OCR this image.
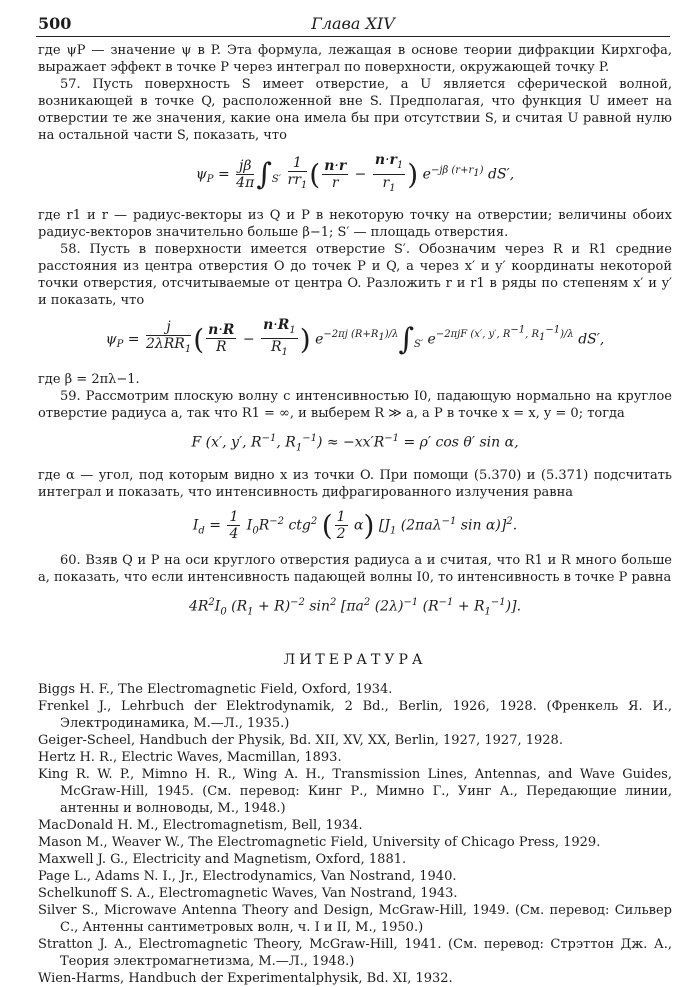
500	Глава XIV

где ψP — значение ψ в P. Эта формула, лежащая в основе теории дифракции Кирхгофа, выражает эффект в точке P через интеграл по поверхности, окружающей точку P.

57. Пусть поверхность S имеет отверстие, а U является сферической волной, возникающей в точке Q, расположенной вне S. Предполагая, что функция U имеет на отверстии те же значения, какие она имела бы при отсутствии S, и считая U равной нулю на остальной части S, показать, что

$\psi_P = \frac{j\beta}{4\pi} \int_{S'} \frac{1}{rr_1}$ ( $\frac{n\cdot r}{r} - \frac{n\cdot r_1}{r_1}$ ) $e^{-j\beta (r+r_1)}$ dS′,

где r1 и r — радиус-векторы из Q и P в некоторую точку на отверстии; величины обоих радиус-векторов значительно больше β−1; S′ — площадь отверстия.

58. Пусть в поверхности имеется отверстие S′. Обозначим через R и R1 средние расстояния из центра отверстия O до точек P и Q, а через x′ и y′ координаты некоторой точки отверстия, отсчитываемые от центра O. Разложить r и r1 в ряды по степеням x′ и y′ и показать, что

$\psi_P = \frac{j}{2\lambda RR_1}$ ( $\frac{n\cdot R}{R} - \frac{n\cdot R_1}{R_1}$ ) $e^{-2\pi j (R+R_1)/\lambda}\int_{S'}$ $e^{-2\pi jF (x', y', R^{-1}, R_1^{-1})/\lambda}$ dS′,

где β = 2πλ−1.

59. Рассмотрим плоскую волну с интенсивностью I0, падающую нормально на круглое отверстие радиуса a, так что R1 = ∞, и выберем R ≫ a, а P в точке x = x, y = 0; тогда

F (x′, y′, $R^{-1}$, $R_1^{-1}) \approx -xx'R^{-1} = \rho'$ cos θ′ sin α,

где α — угол, под которым видно x из точки O. При помощи (5.370) и (5.371) подсчитать интеграл и показать, что интенсивность дифрагированного излучения равна

$I_d = \frac{1}{4} I_0R^{-2}$ ctg$^2$ ( $\frac{1}{2} \alpha$) [$J_1$ (2πaλ$^{-1}$ sin α)]$^2$.

60. Взяв Q и P на оси круглого отверстия радиуса a и считая, что R1 и R много больше a, показать, что если интенсивность падающей волны I0, то интенсивность в точке P равна

$4R^2I_0$ $(R_1 + R)^{-2}$ $\sin^2 [\pi a^2$ $(2\lambda)^{-1}$ $(R^{-1} + R_1^{-1})$].
ЛИТЕРАТУРА

Biggs H. F., The Electromagnetic Field, Oxford, 1934.

Frenkel J., Lehrbuch der Elektrodynamik, 2 Bd., Berlin, 1926, 1928. (Френкель Я. И., Электродинамика, М.—Л., 1935.)

Geiger-Scheel, Handbuch der Physik, Bd. XII, XV, XX, Berlin, 1927, 1927, 1928.

Hertz H. R., Electric Waves, Macmillan, 1893.

King R. W. P., Mimno H. R., Wing A. H., Transmission Lines, Antennas, and Wave Guides, McGraw-Hill, 1945. (См. перевод: Кинг Р., Мимно Г., Уинг А., Передающие линии, антенны и волноводы, М., 1948.)

MacDonald H. M., Electromagnetism, Bell, 1934.

Mason M., Weaver W., The Electromagnetic Field, University of Chicago Press, 1929.

Maxwell J. G., Electricity and Magnetism, Oxford, 1881.

Page L., Adams N. I., Jr., Electrodynamics, Van Nostrand, 1940.

Schelkunoff S. A., Electromagnetic Waves, Van Nostrand, 1943.

Silver S., Microwave Antenna Theory and Design, McGraw-Hill, 1949. (См. перевод: Сильвер С., Антенны сантиметровых волн, ч. I и II, М., 1950.)

Stratton J. A., Electromagnetic Theory, McGraw-Hill, 1941. (См. перевод: Стрэттон Дж. А., Теория электромагнетизма, М.—Л., 1948.)

Wien-Harms, Handbuch der Experimentalphysik, Bd. XI, 1932.
